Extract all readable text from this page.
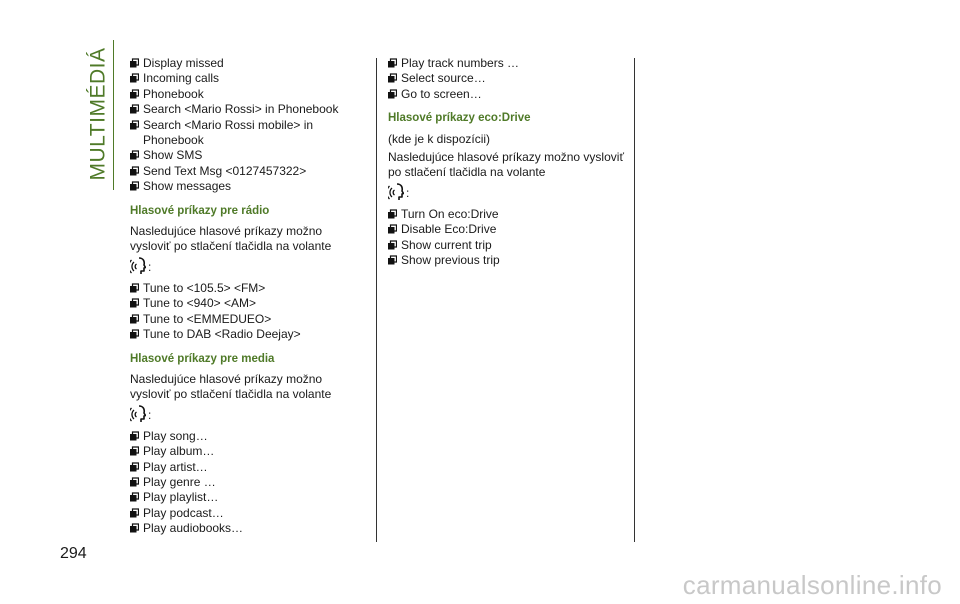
MULTIMÉDIÁ	Display missed
Incoming calls
Phonebook
Search <Mario Rossi> in Phonebook
Search <Mario Rossi mobile> in Phonebook
Show SMS
Send Text Msg <0127457322>
Show messages
Hlasové príkazy pre rádio

Nasledujúce hlasové príkazy možno vysloviť po stlačení tlačidla na volante

:
Tune to <105.5> <FM>
Tune to <940> <AM>
Tune to <EMMEDUEO>
Tune to DAB <Radio Deejay>
Hlasové príkazy pre media

Nasledujúce hlasové príkazy možno vysloviť po stlačení tlačidla na volante

:
Play song…
Play album…
Play artist…
Play genre …
Play playlist…
Play podcast…
Play audiobooks…
Play track numbers …
Select source…
Go to screen…
Hlasové príkazy eco:Drive

(kde je k dispozícii)

Nasledujúce hlasové príkazy možno vysloviť po stlačení tlačidla na volante

:
Turn On eco:Drive
Disable Eco:Drive
Show current trip
Show previous trip
294
carmanualsonline.info
